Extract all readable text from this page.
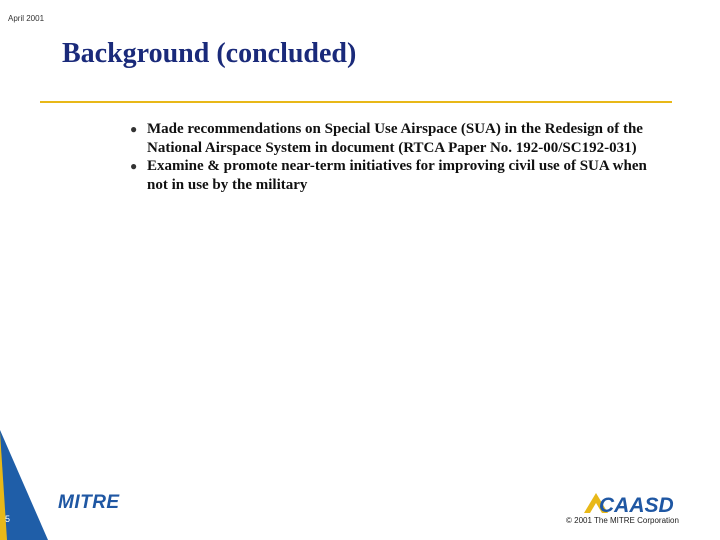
April 2001
Background (concluded)
● Made recommendations on Special Use Airspace (SUA) in the Redesign of the National Airspace System in document (RTCA Paper No. 192-00/SC192-031)
● Examine & promote near-term initiatives for improving civil use of SUA when not in use by the military
5
MITRE	CAASD
© 2001 The MITRE Corporation
